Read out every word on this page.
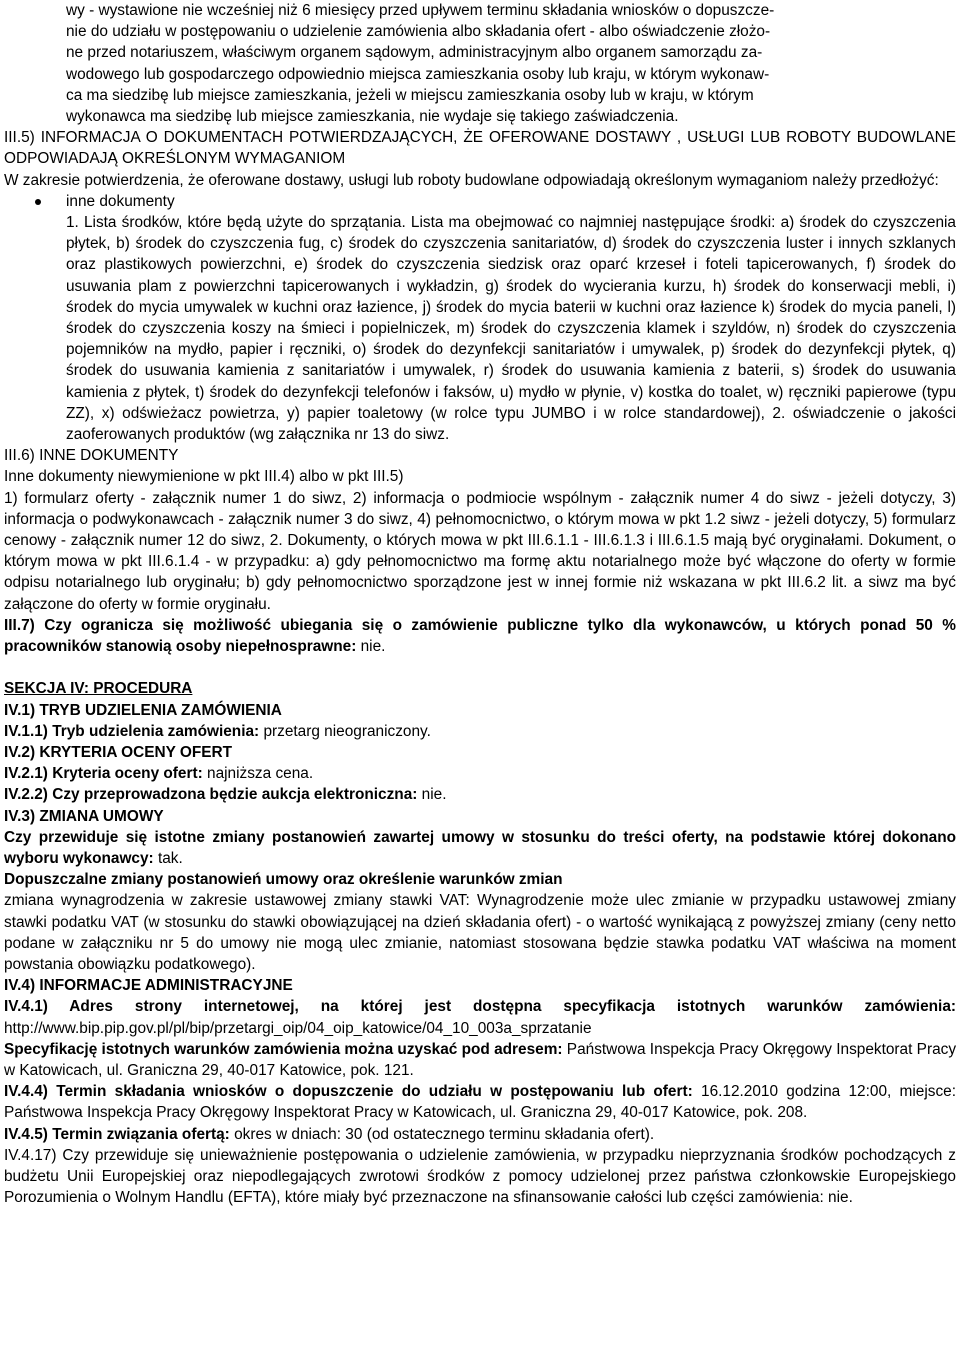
wy - wystawione nie wcześniej niż 6 miesięcy przed upływem terminu składania wniosków o dopuszcze-

nie do udziału w postępowaniu o udzielenie zamówienia albo składania ofert - albo oświadczenie złożo-

ne przed notariuszem, właściwym organem sądowym, administracyjnym albo organem samorządu za-

wodowego lub gospodarczego odpowiednio miejsca zamieszkania osoby lub kraju, w którym wykonaw-

ca ma siedzibę lub miejsce zamieszkania, jeżeli w miejscu zamieszkania osoby lub w kraju, w którym

wykonawca ma siedzibę lub miejsce zamieszkania, nie wydaje się takiego zaświadczenia.

III.5) INFORMACJA O DOKUMENTACH POTWIERDZAJĄCYCH, ŻE OFEROWANE DOSTAWY , USŁUGI LUB ROBOTY BUDOWLANE ODPOWIADAJĄ OKREŚLONYM WYMAGANIOM

W zakresie potwierdzenia, że oferowane dostawy, usługi lub roboty budowlane odpowiadają określonym wymaganiom należy przedłożyć:

inne dokumenty

1. Lista środków, które będą użyte do sprzątania. Lista ma obejmować co najmniej następujące środki: a) środek do czyszczenia płytek, b) środek do czyszczenia fug, c) środek do czyszczenia sanitariatów, d) środek do czyszczenia luster i innych szklanych oraz plastikowych powierzchni, e) środek do czyszczenia siedzisk oraz oparć krzeseł i foteli tapicerowanych, f) środek do usuwania plam z powierzchni tapicerowanych i wykładzin, g) środek do wycierania kurzu, h) środek do konserwacji mebli, i) środek do mycia umywalek w kuchni oraz łazience, j) środek do mycia baterii w kuchni oraz łazience k) środek do mycia paneli, l) środek do czyszczenia koszy na śmieci i popielniczek, m) środek do czyszczenia klamek i szyldów, n) środek do czyszczenia pojemników na mydło, papier i ręczniki, o) środek do dezynfekcji sanitariatów i umywalek, p) środek do dezynfekcji płytek, q) środek do usuwania kamienia z sanitariatów i umywalek, r) środek do usuwania kamienia z baterii, s) środek do usuwania kamienia z płytek, t) środek do dezynfekcji telefonów i faksów, u) mydło w płynie, v) kostka do toalet, w) ręczniki papierowe (typu ZZ), x) odświeżacz powietrza, y) papier toaletowy (w rolce typu JUMBO i w rolce standardowej), 2. oświadczenie o jakości zaoferowanych produktów (wg załącznika nr 13 do siwz.

III.6) INNE DOKUMENTY

Inne dokumenty niewymienione w pkt III.4) albo w pkt III.5)

1) formularz oferty - załącznik numer 1 do siwz, 2) informacja o podmiocie wspólnym - załącznik numer 4 do siwz - jeżeli dotyczy, 3) informacja o podwykonawcach - załącznik numer 3 do siwz, 4) pełnomocnictwo, o którym mowa w pkt 1.2 siwz - jeżeli dotyczy, 5) formularz cenowy - załącznik numer 12 do siwz, 2. Dokumenty, o których mowa w pkt III.6.1.1 - III.6.1.3 i III.6.1.5 mają być oryginałami. Dokument, o którym mowa w pkt III.6.1.4 - w przypadku: a) gdy pełnomocnictwo ma formę aktu notarialnego może być włączone do oferty w formie odpisu notarialnego lub oryginału; b) gdy pełnomocnictwo sporządzone jest w innej formie niż wskazana w pkt III.6.2 lit. a siwz ma być załączone do oferty w formie oryginału.

III.7) Czy ogranicza się możliwość ubiegania się o zamówienie publiczne tylko dla wykonawców, u których ponad 50 % pracowników stanowią osoby niepełnosprawne: nie.

SEKCJA IV: PROCEDURA

IV.1) TRYB UDZIELENIA ZAMÓWIENIA

IV.1.1) Tryb udzielenia zamówienia: przetarg nieograniczony.

IV.2) KRYTERIA OCENY OFERT

IV.2.1) Kryteria oceny ofert: najniższa cena.

IV.2.2) Czy przeprowadzona będzie aukcja elektroniczna: nie.

IV.3) ZMIANA UMOWY

Czy przewiduje się istotne zmiany postanowień zawartej umowy w stosunku do treści oferty, na podstawie której dokonano wyboru wykonawcy: tak.

Dopuszczalne zmiany postanowień umowy oraz określenie warunków zmian

zmiana wynagrodzenia w zakresie ustawowej zmiany stawki VAT: Wynagrodzenie może ulec zmianie w przypadku ustawowej zmiany stawki podatku VAT (w stosunku do stawki obowiązującej na dzień składania ofert) - o wartość wynikającą z powyższej zmiany (ceny netto podane w załączniku nr 5 do umowy nie mogą ulec zmianie, natomiast stosowana będzie stawka podatku VAT właściwa na moment powstania obowiązku podatkowego).

IV.4) INFORMACJE ADMINISTRACYJNE

IV.4.1) Adres strony internetowej, na której jest dostępna specyfikacja istotnych warunków zamówienia: http://www.bip.pip.gov.pl/pl/bip/przetargi_oip/04_oip_katowice/04_10_003a_sprzatanie

Specyfikację istotnych warunków zamówienia można uzyskać pod adresem: Państwowa Inspekcja Pracy Okręgowy Inspektorat Pracy w Katowicach, ul. Graniczna 29, 40-017 Katowice, pok. 121.

IV.4.4) Termin składania wniosków o dopuszczenie do udziału w postępowaniu lub ofert: 16.12.2010 godzina 12:00, miejsce: Państwowa Inspekcja Pracy Okręgowy Inspektorat Pracy w Katowicach, ul. Graniczna 29, 40-017 Katowice, pok. 208.

IV.4.5) Termin związania ofertą: okres w dniach: 30 (od ostatecznego terminu składania ofert).

IV.4.17) Czy przewiduje się unieważnienie postępowania o udzielenie zamówienia, w przypadku nieprzyznania środków pochodzących z budżetu Unii Europejskiej oraz niepodlegających zwrotowi środków z pomocy udzielonej przez państwa członkowskie Europejskiego Porozumienia o Wolnym Handlu (EFTA), które miały być przeznaczone na sfinansowanie całości lub części zamówienia: nie.
